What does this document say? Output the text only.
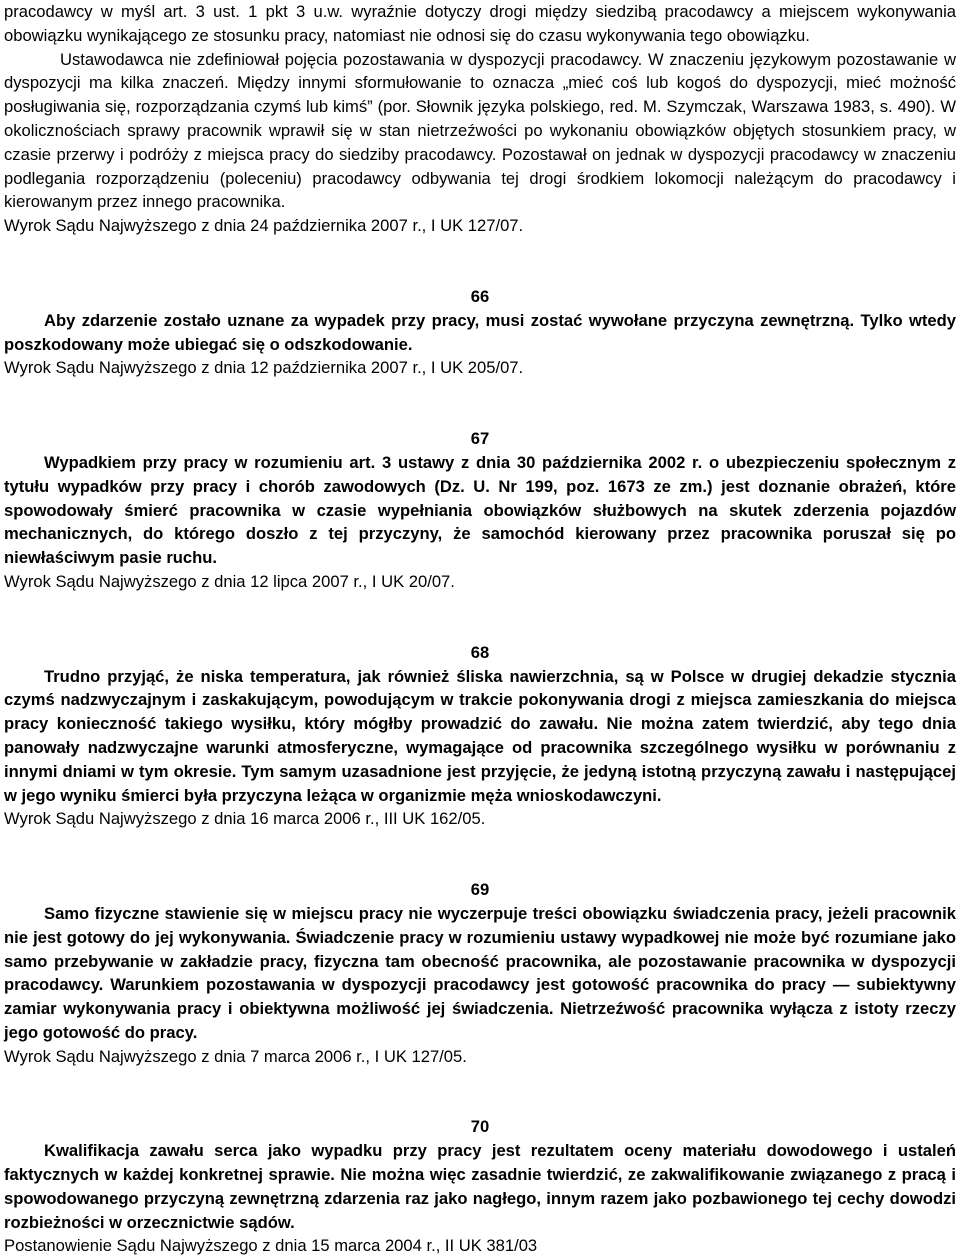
pracodawcy w myśl art. 3 ust. 1 pkt 3 u.w. wyraźnie dotyczy drogi między siedzibą pracodawcy a miejscem wykonywania obowiązku wynikającego ze stosunku pracy, natomiast nie odnosi się do czasu wykonywania tego obowiązku.

Ustawodawca nie zdefiniował pojęcia pozostawania w dyspozycji pracodawcy. W znaczeniu językowym pozostawanie w dyspozycji ma kilka znaczeń. Między innymi sformułowanie to oznacza „mieć coś lub kogoś do dyspozycji, mieć możność posługiwania się, rozporządzania czymś lub kimś” (por. Słownik języka polskiego, red. M. Szymczak, Warszawa 1983, s. 490). W okolicznościach sprawy pracownik wprawił się w stan nietrzeźwości po wykonaniu obowiązków objętych stosunkiem pracy, w czasie przerwy i podróży z miejsca pracy do siedziby pracodawcy. Pozostawał on jednak w dyspozycji pracodawcy w znaczeniu podlegania rozporządzeniu (poleceniu) pracodawcy odbywania tej drogi środkiem lokomocji należącym do pracodawcy i kierowanym przez innego pracownika.

Wyrok Sądu Najwyższego z dnia 24 października 2007 r., I UK 127/07.

66

Aby zdarzenie zostało uznane za wypadek przy pracy, musi zostać wywołane przyczyna zewnętrzną. Tylko wtedy poszkodowany może ubiegać się o odszkodowanie.

Wyrok Sądu Najwyższego z dnia 12 października 2007 r., I UK 205/07.

67

Wypadkiem przy pracy w rozumieniu art. 3 ustawy z dnia 30 października 2002 r. o ubezpieczeniu społecznym z tytułu wypadków przy pracy i chorób zawodowych (Dz. U. Nr 199, poz. 1673 ze zm.) jest doznanie obrażeń, które spowodowały śmierć pracownika w czasie wypełniania obowiązków służbowych na skutek zderzenia pojazdów mechanicznych, do którego doszło z tej przyczyny, że samochód kierowany przez pracownika poruszał się po niewłaściwym pasie ruchu.

Wyrok Sądu Najwyższego z dnia 12 lipca 2007 r., I UK 20/07.

68

Trudno przyjąć, że niska temperatura, jak również śliska nawierzchnia, są w Polsce w drugiej dekadzie stycznia czymś nadzwyczajnym i zaskakującym, powodującym w trakcie pokonywania drogi z miejsca zamieszkania do miejsca pracy konieczność takiego wysiłku, który mógłby prowadzić do zawału. Nie można zatem twierdzić, aby tego dnia panowały nadzwyczajne warunki atmosferyczne, wymagające od pracownika szczególnego wysiłku w porównaniu z innymi dniami w tym okresie. Tym samym uzasadnione jest przyjęcie, że jedyną istotną przyczyną zawału i następującej w jego wyniku śmierci była przyczyna leżąca w organizmie męża wnioskodawczyni.

Wyrok Sądu Najwyższego z dnia 16 marca 2006 r., III UK 162/05.

69

Samo fizyczne stawienie się w miejscu pracy nie wyczerpuje treści obowiązku świadczenia pracy, jeżeli pracownik nie jest gotowy do jej wykonywania. Świadczenie pracy w rozumieniu ustawy wypadkowej nie może być rozumiane jako samo przebywanie w zakładzie pracy, fizyczna tam obecność pracownika, ale pozostawanie pracownika w dyspozycji pracodawcy. Warunkiem pozostawania w dyspozycji pracodawcy jest gotowość pracownika do pracy — subiektywny zamiar wykonywania pracy i obiektywna możliwość jej świadczenia. Nietrzeźwość pracownika wyłącza z istoty rzeczy jego gotowość do pracy.

Wyrok Sądu Najwyższego z dnia 7 marca 2006 r., I UK 127/05.

70

Kwalifikacja zawału serca jako wypadku przy pracy jest rezultatem oceny materiału dowodowego i ustaleń faktycznych w każdej konkretnej sprawie. Nie można więc zasadnie twierdzić, ze zakwalifikowanie związanego z pracą i spowodowanego przyczyną zewnętrzną zdarzenia raz jako nagłego, innym razem jako pozbawionego tej cechy dowodzi rozbieżności w orzecznictwie sądów.

Postanowienie Sądu Najwyższego z dnia 15 marca 2004 r., II UK 381/03
